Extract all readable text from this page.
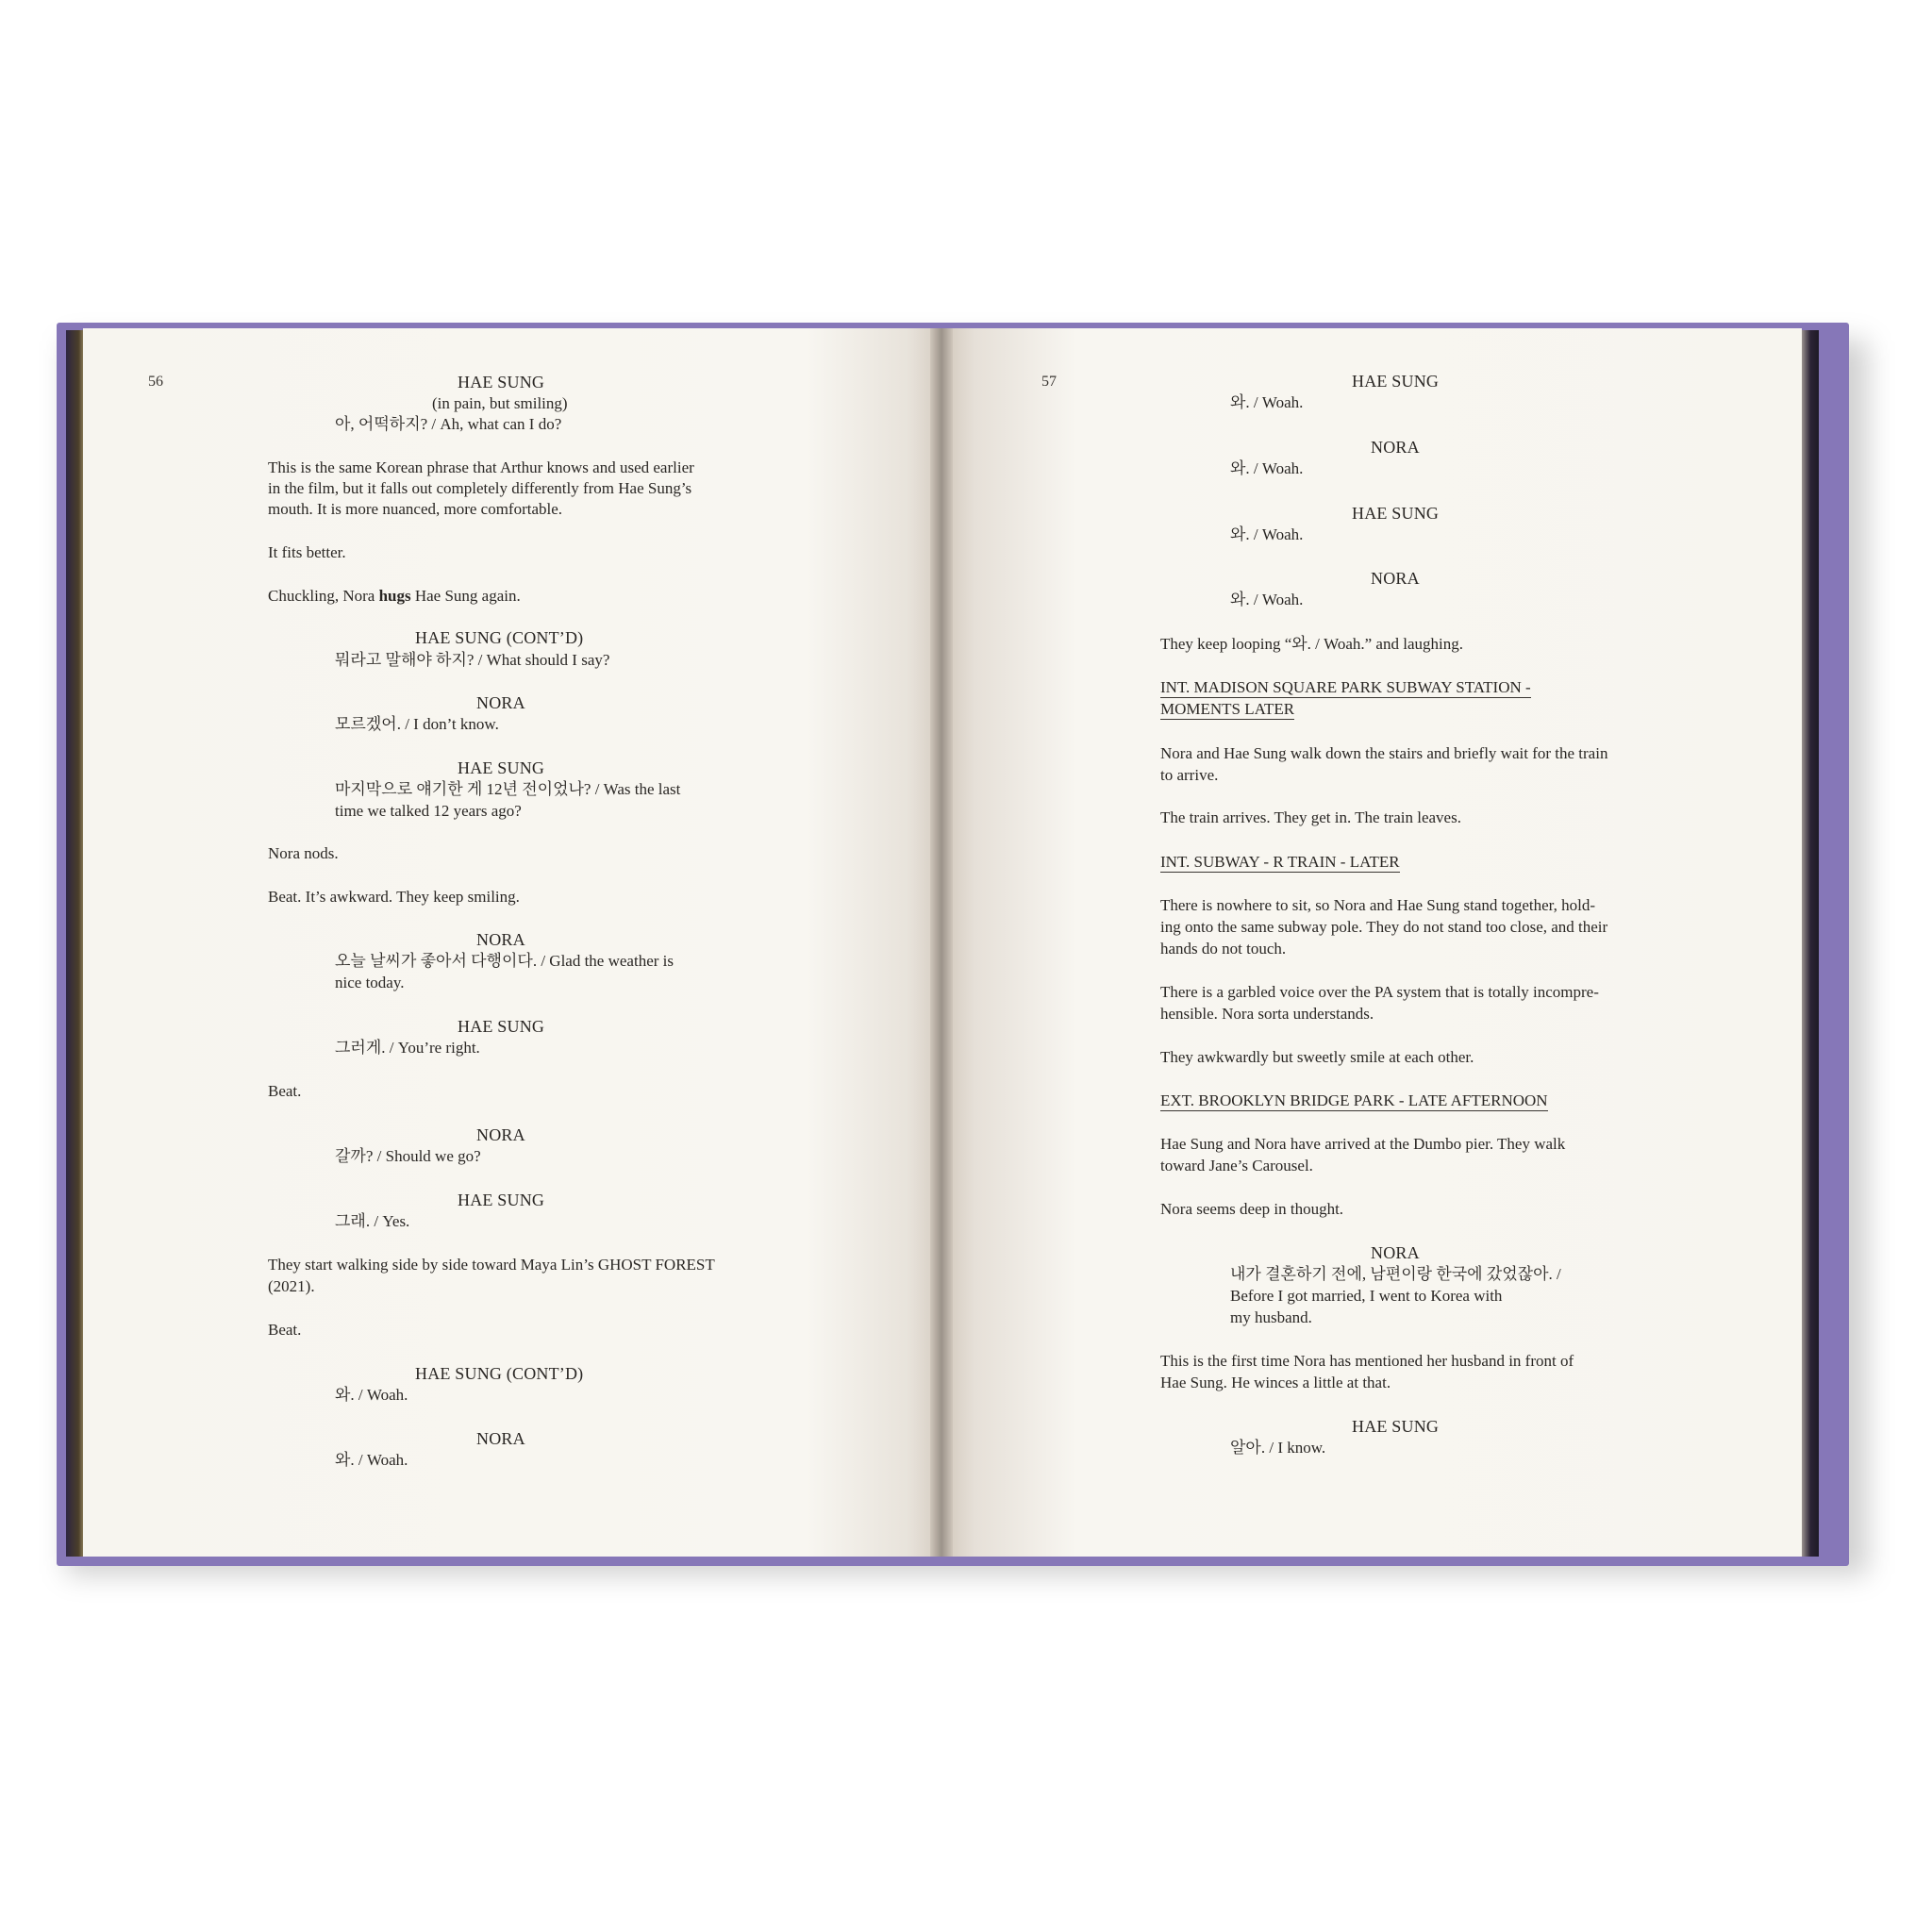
56	HAE SUNG

(in pain, but smiling)

아, 어떡하지? / Ah, what can I do?

This is the same Korean phrase that Arthur knows and used earlier

in the film, but it falls out completely differently from Hae Sung’s

mouth. It is more nuanced, more comfortable.

It fits better.

Chuckling, Nora hugs Hae Sung again.

HAE SUNG (CONT’D)

뭐라고 말해야 하지? / What should I say?

NORA

모르겠어. / I don’t know.

HAE SUNG

마지막으로 얘기한 게 12년 전이었나? / Was the last

time we talked 12 years ago?

Nora nods.

Beat. It’s awkward. They keep smiling.

NORA

오늘 날씨가 좋아서 다행이다. / Glad the weather is

nice today.

HAE SUNG

그러게. / You’re right.

Beat.

NORA

갈까? / Should we go?

HAE SUNG

그래. / Yes.

They start walking side by side toward Maya Lin’s GHOST FOREST

(2021).

Beat.

HAE SUNG (CONT’D)

와. / Woah.

NORA

와. / Woah.

57	HAE SUNG

와. / Woah.

NORA

와. / Woah.

HAE SUNG

와. / Woah.

NORA

와. / Woah.

They keep looping “와. / Woah.” and laughing.

INT. MADISON SQUARE PARK SUBWAY STATION -

MOMENTS LATER

Nora and Hae Sung walk down the stairs and briefly wait for the train

to arrive.

The train arrives. They get in. The train leaves.

INT. SUBWAY - R TRAIN - LATER

There is nowhere to sit, so Nora and Hae Sung stand together, hold-

ing onto the same subway pole. They do not stand too close, and their

hands do not touch.

There is a garbled voice over the PA system that is totally incompre-

hensible. Nora sorta understands.

They awkwardly but sweetly smile at each other.

EXT. BROOKLYN BRIDGE PARK - LATE AFTERNOON

Hae Sung and Nora have arrived at the Dumbo pier. They walk

toward Jane’s Carousel.

Nora seems deep in thought.

NORA

내가 결혼하기 전에, 남편이랑 한국에 갔었잖아. /

Before I got married, I went to Korea with

my husband.

This is the first time Nora has mentioned her husband in front of

Hae Sung. He winces a little at that.

HAE SUNG

알아. / I know.
